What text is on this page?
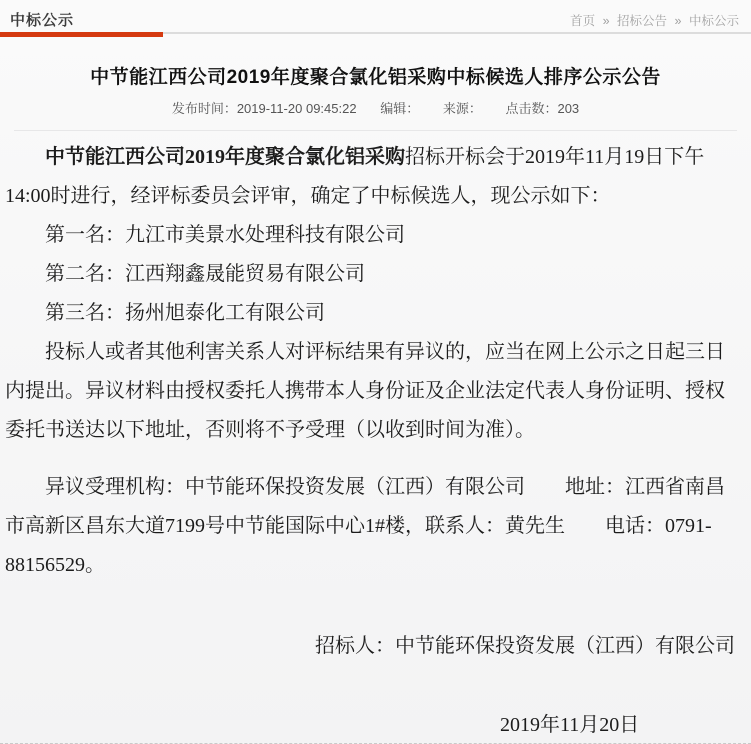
中标公示	首页 » 招标公告 » 中标公示
中节能江西公司2019年度聚合氯化铝采购中标候选人排序公示公告
发布时间：2019-11-20 09:45:22 编辑： 来源： 点击数：203

中节能江西公司2019年度聚合氯化铝采购招标开标会于2019年11月19日下午14:00时进行，经评标委员会评审，确定了中标候选人，现公示如下：

第一名：九江市美景水处理科技有限公司

第二名：江西翔鑫晟能贸易有限公司

第三名：扬州旭泰化工有限公司

投标人或者其他利害关系人对评标结果有异议的，应当在网上公示之日起三日内提出。异议材料由授权委托人携带本人身份证及企业法定代表人身份证明、授权委托书送达以下地址，否则将不予受理（以收到时间为准）。

异议受理机构：中节能环保投资发展（江西）有限公司　　地址：江西省南昌市高新区昌东大道7199号中节能国际中心1#楼，联系人：黄先生　　电话：0791-88156529。

招标人：中节能环保投资发展（江西）有限公司

2019年11月20日
